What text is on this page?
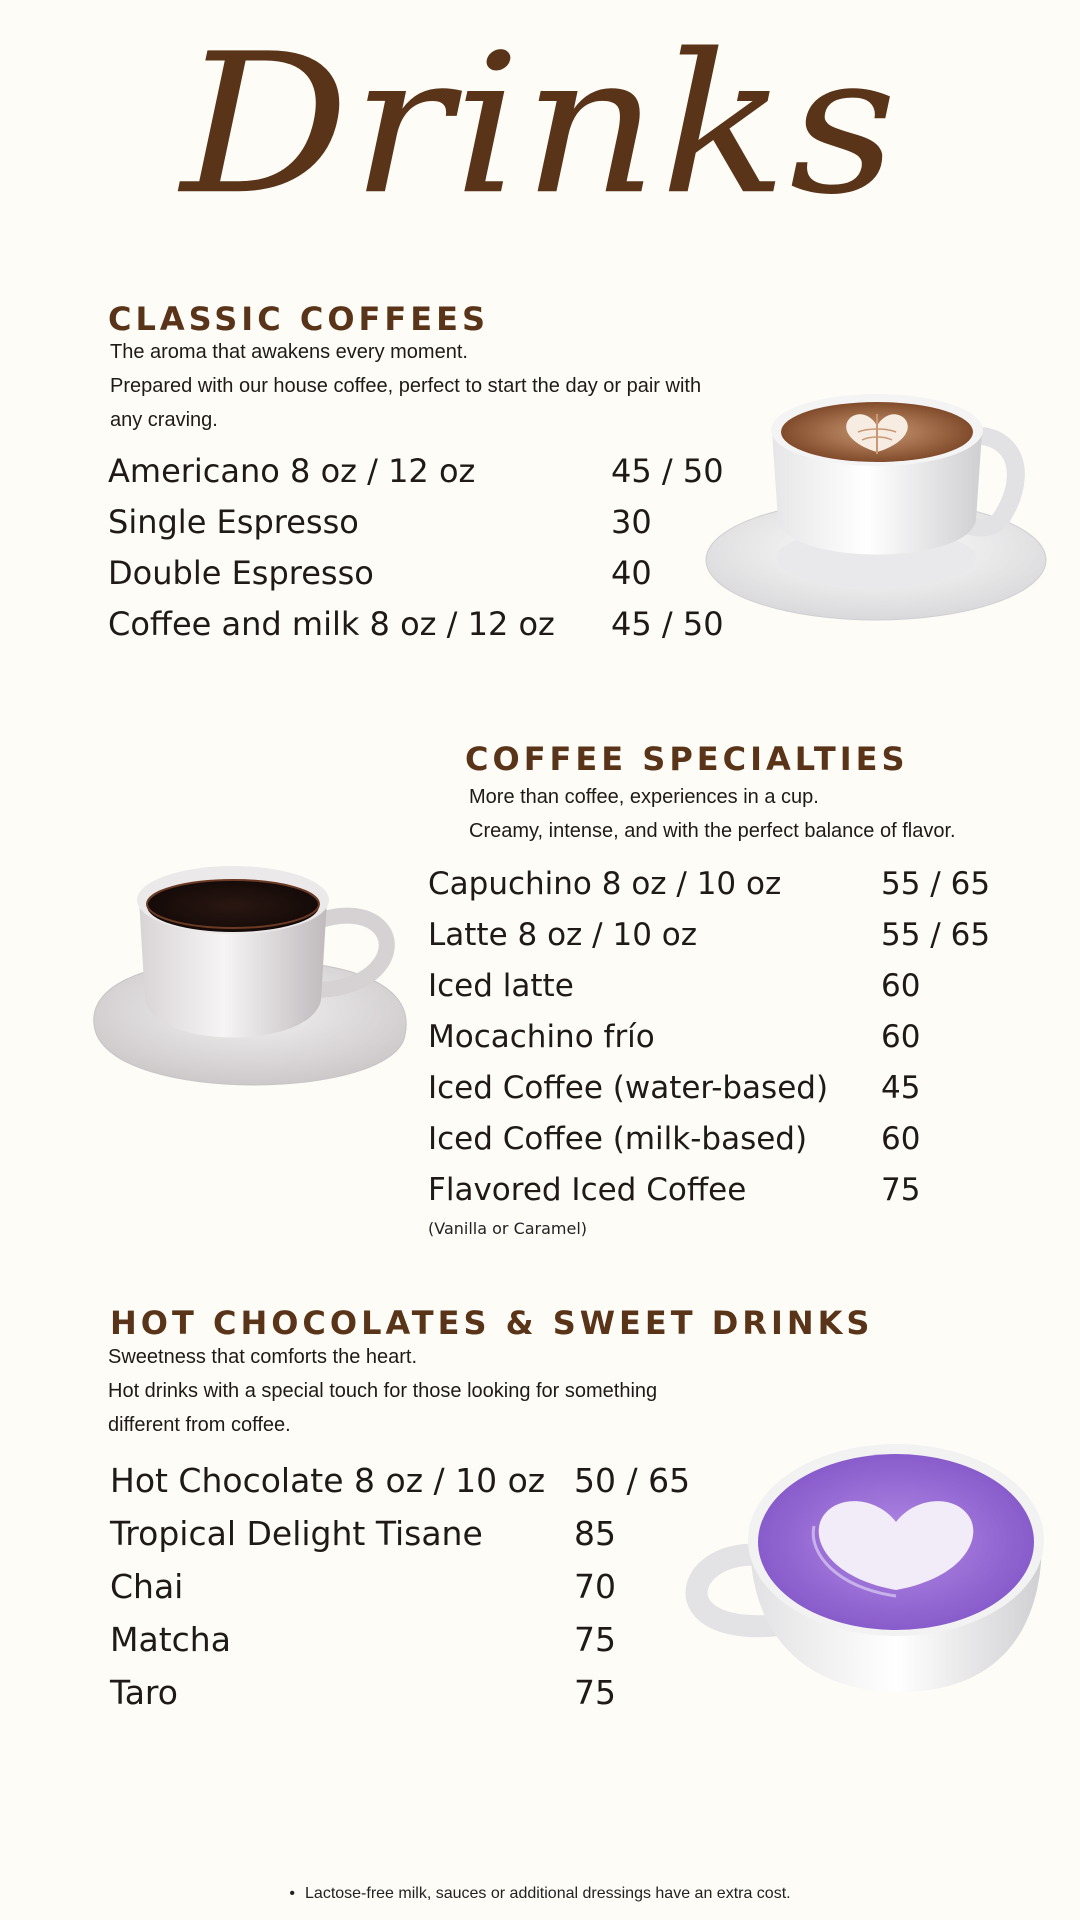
Drinks
CLASSIC COFFEES
The aroma that awakens every moment.
Prepared with our house coffee, perfect to start the day or pair with
any craving.
Americano 8 oz / 12 oz	45 / 50
Single Espresso	30
Double Espresso	40
Coffee and milk 8 oz / 12 oz 45 / 50
COFFEE SPECIALTIES
More than coffee, experiences in a cup.
Creamy, intense, and with the perfect balance of flavor.
Capuchino 8 oz / 10 oz	55 / 65
Latte 8 oz / 10 oz	55 / 65
Iced latte	60
Mocachino frío	60
Iced Coffee (water-based) 45
Iced Coffee (milk-based) 60
Flavored Iced Coffee	75
(Vanilla or Caramel)
HOT CHOCOLATES & SWEET DRINKS
Sweetness that comforts the heart.
Hot drinks with a special touch for those looking for something
different from coffee.
Hot Chocolate 8 oz / 10 oz 50 / 65
Tropical Delight Tisane	85
Chai	70
Matcha	75
Taro	75
• Lactose-free milk, sauces or additional dressings have an extra cost.
